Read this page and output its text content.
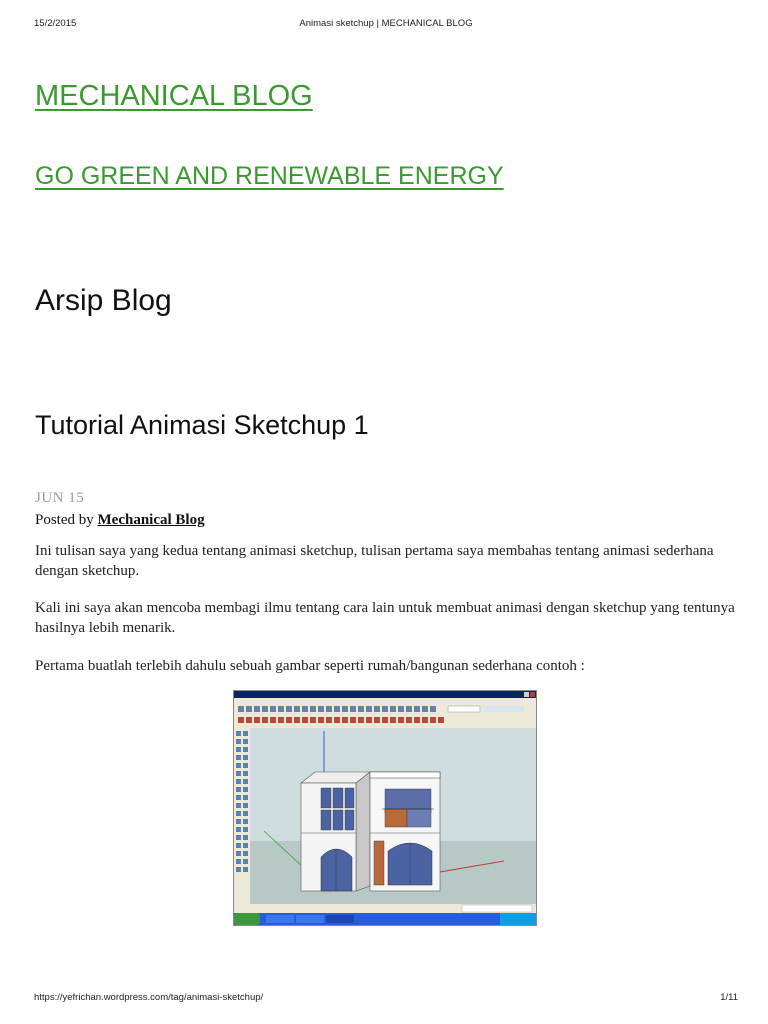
15/2/2015	Animasi sketchup | MECHANICAL BLOG
MECHANICAL BLOG
GO GREEN AND RENEWABLE ENERGY
Arsip Blog
Tutorial Animasi Sketchup 1
JUN 15
Posted by Mechanical Blog

Ini tulisan saya yang kedua tentang animasi sketchup, tulisan pertama saya membahas tentang animasi sederhana dengan sketchup.

Kali ini saya akan mencoba membagi ilmu tentang cara lain untuk membuat animasi dengan sketchup yang tentunya hasilnya lebih menarik.

Pertama buatlah terlebih dahulu sebuah gambar seperti rumah/bangunan sederhana contoh :

https://yefrichan.wordpress.com/tag/animasi-sketchup/	1/11
